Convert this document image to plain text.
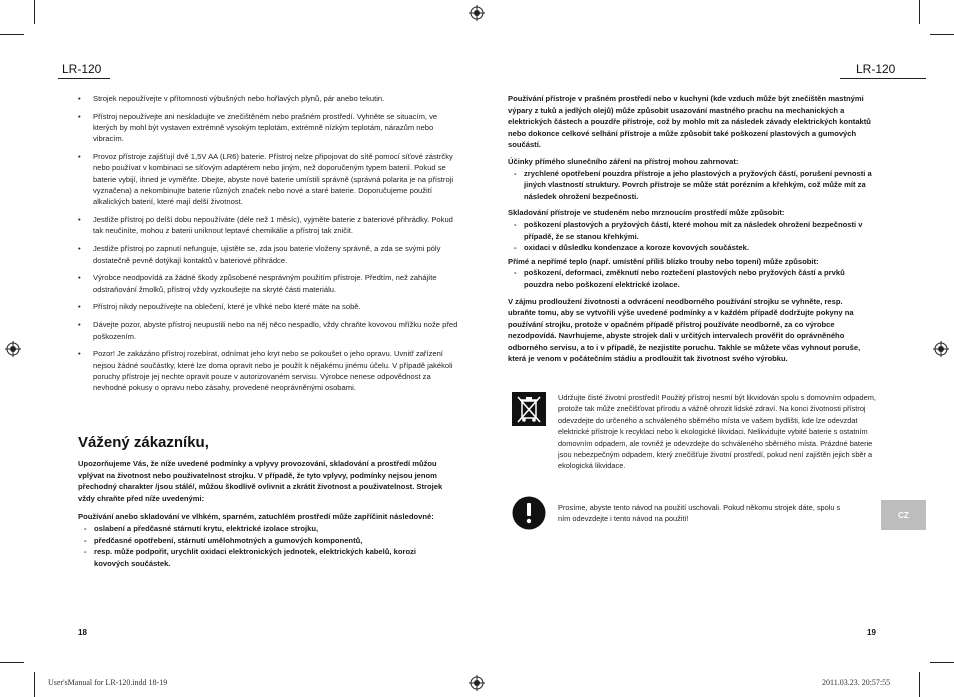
LR-120	LR-120
• Strojek nepoužívejte v přítomnosti výbušných nebo hořlavých plynů, pár anebo tekutin.
• Přístroj nepoužívejte ani neskladujte ve znečištěném nebo prašném prostředí. Vyhněte se situacím, ve kterých by mohl být vystaven extrémně vysokým teplotám, extrémně nízkým teplotám, nárazům nebo vibracím.
• Provoz přístroje zajišťují dvě 1,5V AA (LR6) baterie. Přístroj nelze připojovat do sítě pomocí síťové zástrčky nebo používat v kombinaci se síťovým adaptérem nebo jiným, než doporučeným typem baterií. Pokud se baterie vybijí, ihned je vyměňte. Dbejte, abyste nové baterie umístili správně (správná polarita je na přístroji vyznačena) a nekombinujte baterie různých značek nebo nové a staré baterie. Doporučujeme použití alkalických baterií, které mají delší životnost.
• Jestliže přístroj po delší dobu nepoužíváte (déle než 1 měsíc), vyjměte baterie z bateriové přihrádky. Pokud tak neučiníte, mohou z baterii uniknout leptavé chemikálie a přístroj tak zničit.
• Jestliže přístroj po zapnutí nefunguje, ujistěte se, zda jsou baterie vloženy správně, a zda se svými póly dostatečně pevně dotýkají kontaktů v bateriové přihrádce.
• Výrobce neodpovídá za žádné škody způsobené nesprávným použitím přístroje. Předtím, než zahájíte odstraňování žmolků, přístroj vždy vyzkoušejte na skryté části materiálu.
• Přístroj nikdy nepoužívejte na oblečení, které je vlhké nebo které máte na sobě.
• Dávejte pozor, abyste přístroj neupustili nebo na něj něco nespadlo, vždy chraňte kovovou mřížku nože před poškozením.
• Pozor! Je zakázáno přístroj rozebírat, odnímat jeho kryt nebo se pokoušet o jeho opravu. Uvnitř zařízení nejsou žádné součástky, které lze doma opravit nebo je použít k nějakému jinému účelu. V případě jakékoli poruchy přístroje jej nechte opravit pouze v autorizovaném servisu. Výrobce nenese odpovědnost za nevhodné pokusy o opravu nebo zásahy, provedené neoprávněnými osobami.
Vážený zákazníku,

Upozorňujeme Vás, že níže uvedené podmínky a vplyvy provozování, skladování a prostředí můžou vplývat na životnost nebo použivatelnost strojku. V případě, že tyto vplyvy, podmínky nejsou jenom přechodný charakter /jsou stálé/, můžou škodlivě ovlivnit a zkrátit životnost a použivatelnost. Strojek vždy chraňte před níže uvedenými:

Používání anebo skladování ve vlhkém, sparném, zatuchlém prostředí může zapříčinit následovné:

- oslabení a předčasné stárnutí krytu, elektrické izolace strojku,
- předčasné opotřebení, stárnutí umělohmotných a gumových komponentů,
- resp. může podpořit, urychlit oxidaci elektronických jednotek, elektrických kabelů, korozi kovových součástek.
18

Používání přístroje v prašném prostředí nebo v kuchyni (kde vzduch může být znečištěn mastnými výpary z tuků a jedlých olejů) může způsobit usazování mastného prachu na mechanických a elektrických částech a pouzdře přístroje, což by mohlo mít za následek závady elektrických kontaktů nebo dokonce celkové selhání přístroje a může způsobit také poškození plastových a gumových součástí.

Účinky přímého slunečního záření na přístroj mohou zahrnovat:

- zrychlené opotřebení pouzdra přístroje a jeho plastových a pryžových částí, porušení pevnosti a jiných vlastností struktury. Povrch přístroje se může stát porézním a křehkým, což může mít za následek ohrožení bezpečnosti.

Skladování přístroje ve studeném nebo mrznoucím prostředí může způsobit:

- poškození plastových a pryžových částí, které mohou mít za následek ohrožení bezpečnosti v případě, že se stanou křehkými.
- oxidaci v důsledku kondenzace a koroze kovových součástek.

Přímé a nepřímé teplo (např. umístění příliš blízko trouby nebo topení) může způsobit:

- poškození, deformaci, změknutí nebo roztečení plastových nebo pryžových částí a prvků pouzdra nebo poškození elektrické izolace.

V zájmu prodloužení životnosti a odvrácení neodborného používání strojku se vyhněte, resp. ubraňte tomu, aby se vytvořili výše uvedené podmínky a v každém případě dodržujte pokyny na používání strojku, protože v opačném případě přístroj používáte neodborně, za co výrobce nezodpovídá. Navrhujeme, abyste strojek dali v určitých intervalech prověřit do oprávněného odborného servisu, a to i v případě, že nezjistíte poruchu. Takhle se můžete včas vyhnout poruše, která je venom v počátečním stádiu a prodloužit tak životnost svého výrobku.

Udržujte čisté životní prostředí! Použitý přístroj nesmí být likvidován spolu s domovním odpadem, protože tak může znečišťovat přírodu a vážně ohrozit lidské zdraví. Na konci životnosti přístroj odevzdejte do určeného a schváleného sběrného místa ve vašem bydlišti, kde lze odevzdat elektrické přístroje k recyklaci nebo k ekologické likvidaci. Nelikvidujte vybité baterie s ostatním domovním odpadem, ale rovněž je odevzdejte do schváleného sběrného místa. Prázdné baterie jsou nebezpečným odpadem, který znečišťuje životní prostředí, pokud není zajištěn jejich sběr a ekologická likvidace.
Prosíme, abyste tento návod na použití uschovali. Pokud někomu strojek dáte, spolu s ním odevzdejte i tento návod na použití!	CZ
19
User'sManual for LR-120.indd 18-19	2011.03.23. 20:57:55
